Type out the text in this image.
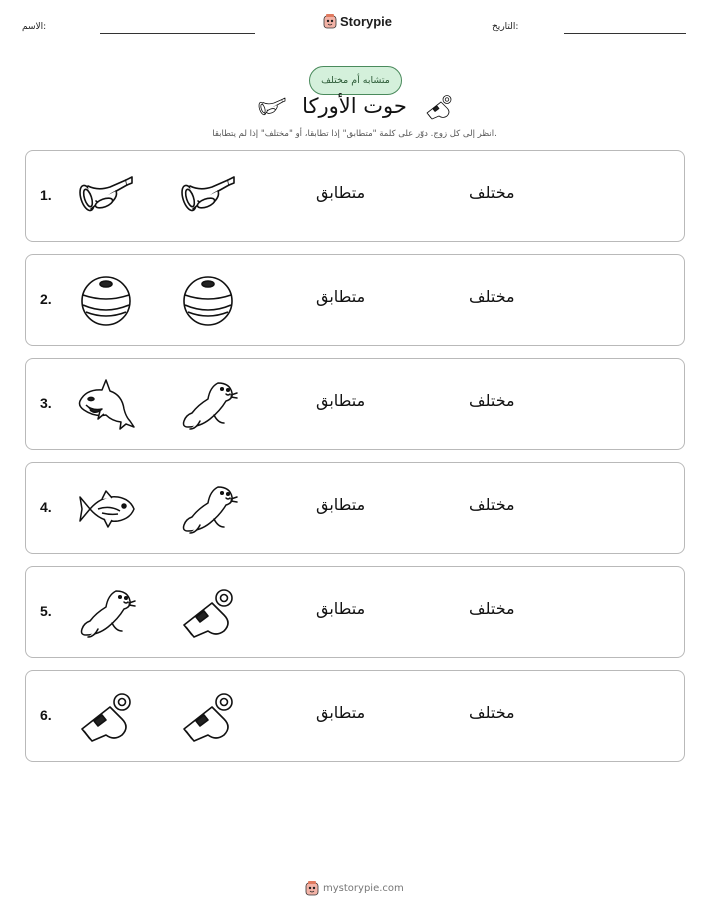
الاسم:	Storypie	التاريخ:
متشابه أم مختلف
حوت الأوركا
انظر إلى كل زوج. دوّر على كلمة "متطابق" إذا تطابقا، أو "مختلف" إذا لم يتطابقا.
1.	متطابق	مختلف
2.	متطابق	مختلف
3.	متطابق	مختلف
4.	متطابق	مختلف
5.	متطابق	مختلف
6.	متطابق	مختلف
mystorypie.com
